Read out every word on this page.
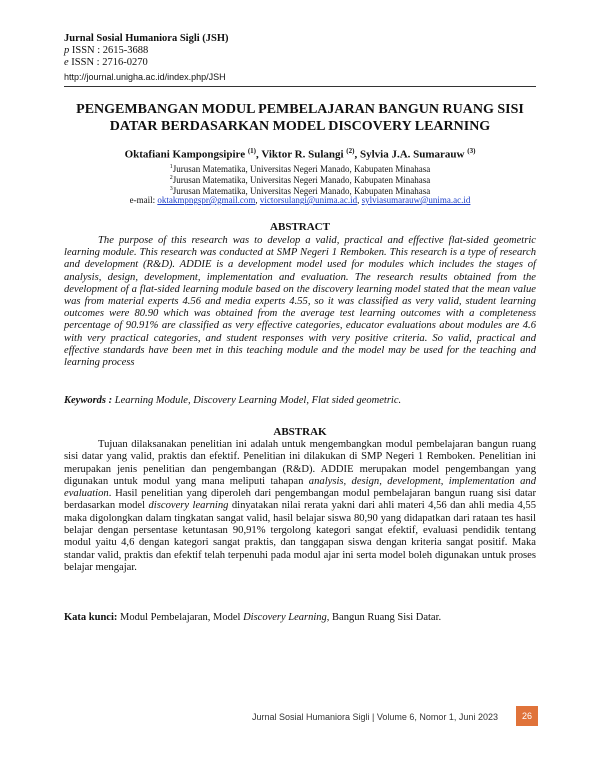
Jurnal Sosial Humaniora Sigli (JSH)
p ISSN : 2615-3688
e ISSN : 2716-0270
http://journal.unigha.ac.id/index.php/JSH
PENGEMBANGAN MODUL PEMBELAJARAN BANGUN RUANG SISI DATAR BERDASARKAN MODEL DISCOVERY LEARNING
Oktafiani Kampongsipire $^{(1)}$, Viktor R. Sulangi $^{(2)}$, Sylvia J.A. Sumarauw $^{(3)}$
$^1$Jurusan Matematika, Universitas Negeri Manado, Kabupaten Minahasa
$^2$Jurusan Matematika, Universitas Negeri Manado, Kabupaten Minahasa
$^3$Jurusan Matematika, Universitas Negeri Manado, Kabupaten Minahasa
e-mail: oktakmpngspr@gmail.com, victorsulangi@unima.ac.id, sylviasumarauw@unima.ac.id
ABSTRACT

The purpose of this research was to develop a valid, practical and effective flat-sided geometric learning module. This research was conducted at SMP Negeri 1 Remboken. This research is a type of research and development (R&D). ADDIE is a development model used for modules which includes the stages of analysis, design, development, implementation and evaluation. The research results obtained from the development of a flat-sided learning module based on the discovery learning model stated that the mean value was from material experts 4.56 and media experts 4.55, so it was classified as very valid, student learning outcomes were 80.90 which was obtained from the average test learning outcomes with a completeness percentage of 90.91% are classified as very effective categories, educator evaluations about modules are 4.6 with very practical categories, and student responses with very positive criteria. So valid, practical and effective standards have been met in this teaching module and the model may be used for the teaching and learning process

Keywords : Learning Module, Discovery Learning Model, Flat sided geometric.
ABSTRAK

Tujuan dilaksanakan penelitian ini adalah untuk mengembangkan modul pembelajaran bangun ruang sisi datar yang valid, praktis dan efektif. Penelitian ini dilakukan di SMP Negeri 1 Remboken. Penelitian ini merupakan jenis penelitian dan pengembangan (R&D). ADDIE merupakan model pengembangan yang digunakan untuk modul yang mana meliputi tahapan analysis, design, development, implementation and evaluation. Hasil penelitian yang diperoleh dari pengembangan modul pembelajaran bangun ruang sisi datar berdasarkan model discovery learning dinyatakan nilai rerata yakni dari ahli materi 4,56 dan ahli media 4,55 maka digolongkan dalam tingkatan sangat valid, hasil belajar siswa 80,90 yang didapatkan dari rataan tes hasil belajar dengan persentase ketuntasan 90,91% tergolong kategori sangat efektif, evaluasi pendidik tentang modul yaitu 4,6 dengan kategori sangat praktis, dan tanggapan siswa dengan kriteria sangat positif. Maka standar valid, praktis dan efektif telah terpenuhi pada modul ajar ini serta model boleh digunakan untuk proses belajar mengajar.

Kata kunci: Modul Pembelajaran, Model Discovery Learning, Bangun Ruang Sisi Datar.
Jurnal Sosial Humaniora Sigli | Volume 6, Nomor 1, Juni 2023	26
